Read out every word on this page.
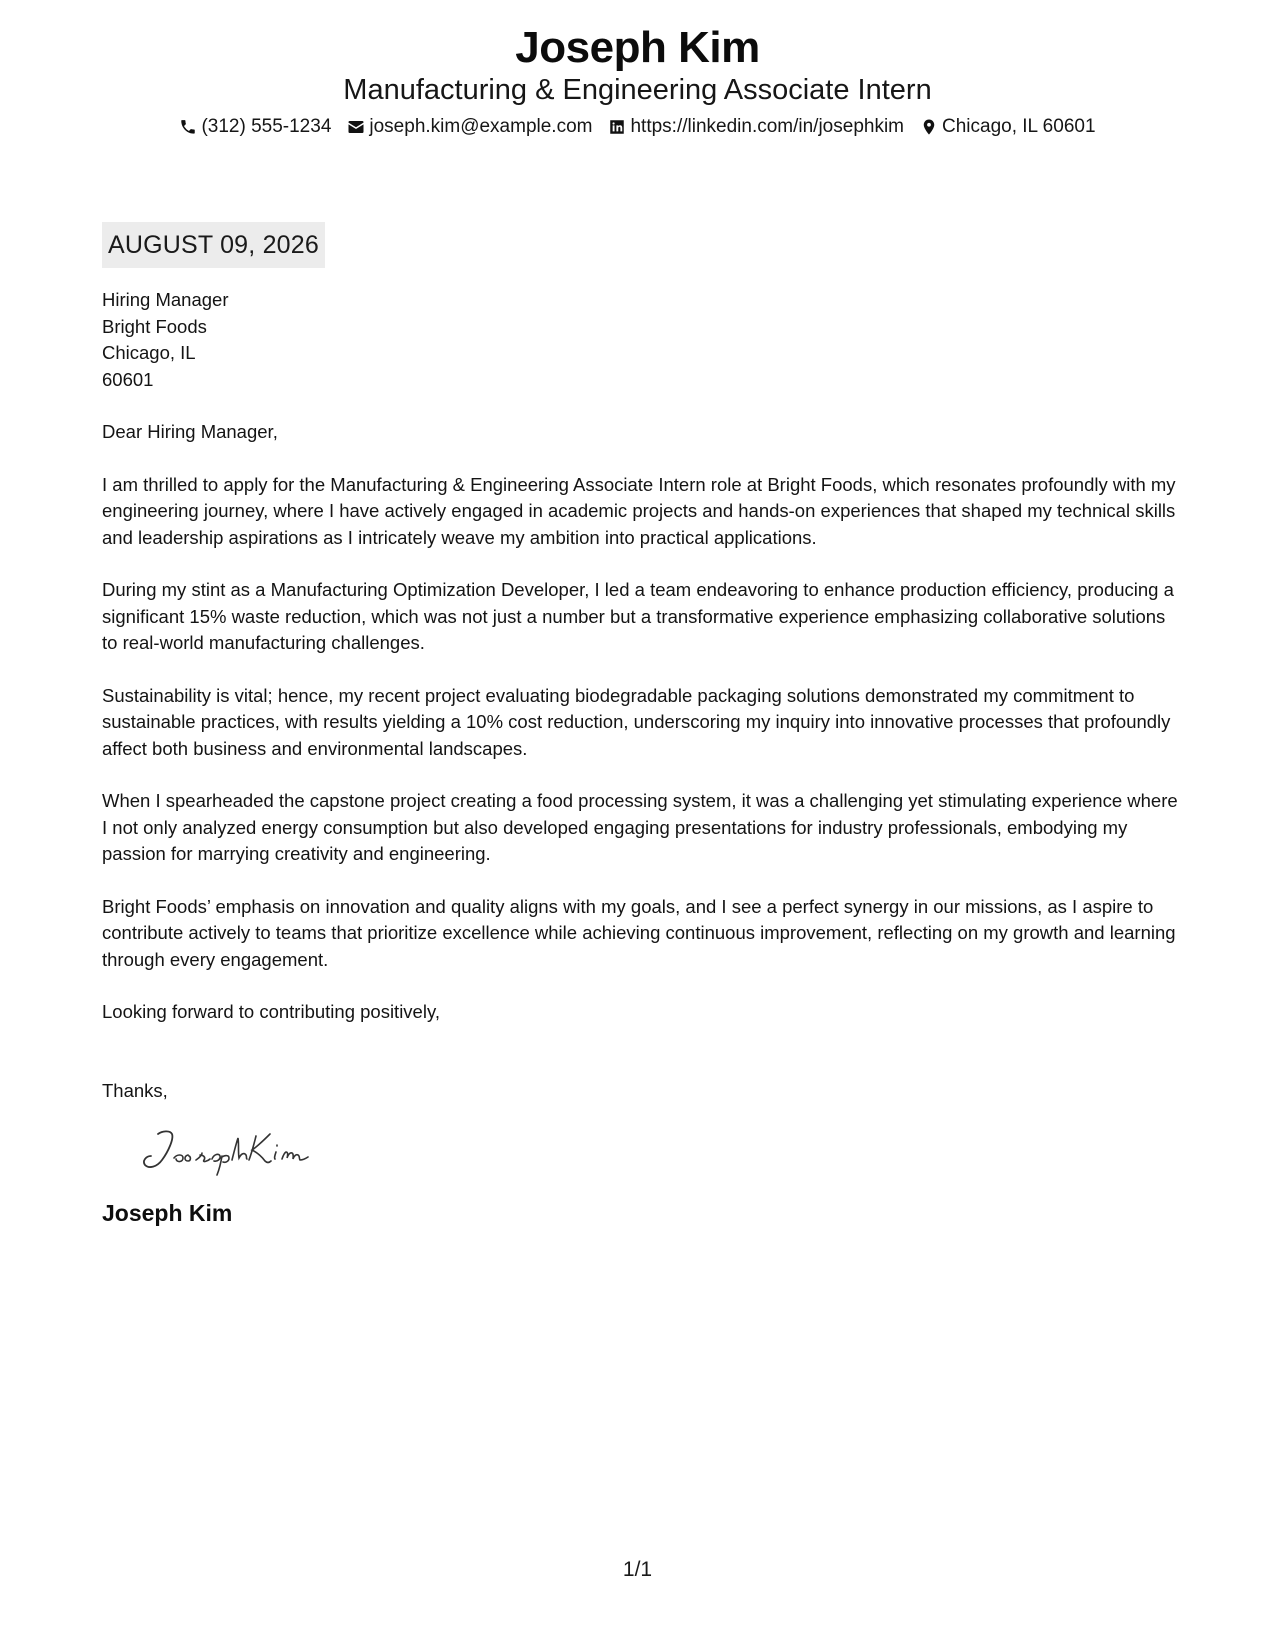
Joseph Kim
Manufacturing & Engineering Associate Intern
(312) 555-1234 joseph.kim@example.com https://linkedin.com/in/josephkim Chicago, IL 60601
AUGUST 09, 2026
Hiring Manager
Bright Foods
Chicago, IL
60601
Dear Hiring Manager,
I am thrilled to apply for the Manufacturing & Engineering Associate Intern role at Bright Foods, which resonates profoundly with my engineering journey, where I have actively engaged in academic projects and hands-on experiences that shaped my technical skills and leadership aspirations as I intricately weave my ambition into practical applications.
During my stint as a Manufacturing Optimization Developer, I led a team endeavoring to enhance production efficiency, producing a significant 15% waste reduction, which was not just a number but a transformative experience emphasizing collaborative solutions to real-world manufacturing challenges.
Sustainability is vital; hence, my recent project evaluating biodegradable packaging solutions demonstrated my commitment to sustainable practices, with results yielding a 10% cost reduction, underscoring my inquiry into innovative processes that profoundly affect both business and environmental landscapes.
When I spearheaded the capstone project creating a food processing system, it was a challenging yet stimulating experience where I not only analyzed energy consumption but also developed engaging presentations for industry professionals, embodying my passion for marrying creativity and engineering.
Bright Foods’ emphasis on innovation and quality aligns with my goals, and I see a perfect synergy in our missions, as I aspire to contribute actively to teams that prioritize excellence while achieving continuous improvement, reflecting on my growth and learning through every engagement.
Looking forward to contributing positively,
Thanks,
Joseph Kim
1/1
